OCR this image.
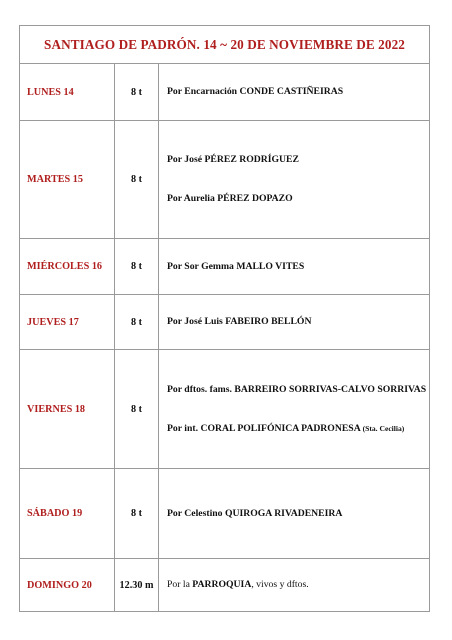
SANTIAGO DE PADRÓN. 14 ~ 20 DE NOVIEMBRE DE 2022
LUNES 14	8 t	Por Encarnación CONDE CASTIÑEIRAS
MARTES 15	8 t
Por José PÉREZ RODRÍGUEZ
Por Aurelia PÉREZ DOPAZO
MIÉRCOLES 16	8 t	Por Sor Gemma MALLO VITES
JUEVES 17	8 t	Por José Luis FABEIRO BELLÓN
VIERNES 18	8 t
Por dftos. fams. BARREIRO SORRIVAS-CALVO SORRIVAS
Por int. CORAL POLIFÓNICA PADRONESA (Sta. Cecilia)
SÁBADO 19	8 t	Por Celestino QUIROGA RIVADENEIRA
DOMINGO 20	12.30 m	Por la PARROQUIA, vivos y dftos.
